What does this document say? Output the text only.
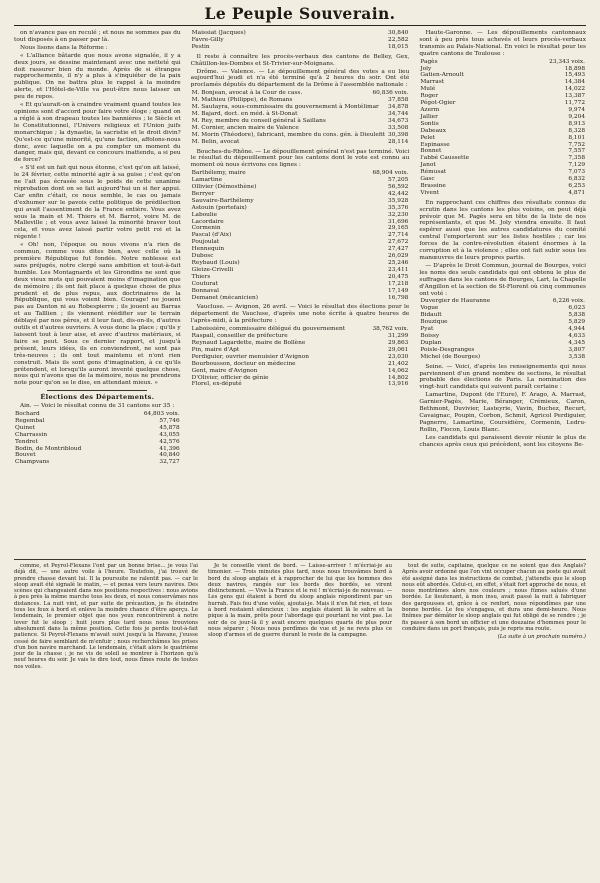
Le Peuple Souverain.

on n'avance pas en reculé ; et nous ne sommes pas du tout disposés à en passer par là.

Nous lisons dans la Réforme :

« L'alliance bâtarde que nous avons signalée, il y a deux jours, se dessine maintenant avec une netteté qui doit rassurer bien du monde. Après de si étranges rapprochements, il n'y a plus à s'inquiéter de la paix publique. On ne battra plus le rappel à la moindre alerte, et l'Hôtel-de-Ville va peut-être nous laisser un peu de repos.

« Et qu'aurait-on à craindre vraiment quand toutes les opinions sont d'accord pour faire votre éloge ; quand on a réglé à son drapeau toutes les bannières ; le Siècle et le Constitutionnel, l'Univers religieux et l'Union juifs monarchique ; la dynastie, la sacristie et le droit divin? Qu'est-ce qu'une minorité, qu'une faction, affolons-nous donc, avec laquelle on a pu compter un moment du danger, mais qui, devant ce concours inattendu, a si peu de force?

« S'il est un fait qui nous étonne, c'est qu'on ait laissé, le 24 février, cette minorité agir à sa guise ; c'est qu'on ne l'ait pas écrasée sous le poids de cette unanime réprobation dont on se fait aujourd'hui un si fier appui. Car enfin c'était, ce nous semble, le cas ou jamais d'exhumer sur le pavois cette politique de prédilection qui avait l'assentiment de la France entière. Vous avez sous la main et M. Thiers et M. Barrot, voire M. de Malleville ; et vous avez laissé la minorité braver tout cela, et vous avez laissé partir votre petit roi et la régente !

« Oh! non, l'époque ou nous vivons n'a rien de commun, comme vous dites bien, avec celle où la première République fut fondée. Notre noblesse est sans préjugés, notre clergé sans ambition et tout-à-fait humble. Les Montagnards et les Girondins ne sont que deux vieux mots qui pouvaient moins d'imagination que de mémoire ; ils ont fait place à quelque chose de plus prudent et de plus repus, aux doctrinaires de la République, qui vous voient bien. Courage! ne jouent pas au Danton ni au Robespierre ; ils jouent au Barras et au Talllien ; ils viennent réédifier sur le terrain déblayé par nos pères, et il leur faut, dis-on-ils, d'autres outils et d'autres ouvriers. A vous donc la place ; qu'ils y laissent tout à leur aise, et avec d'autres matériaux, si faire se peut. Sous ce dernier rapport, et jusqu'à présent, leurs idées, ils en conviendront, ne sont pas très-neuves ; ils ont tout maintenu et n'ont rien construit. Mais ils sont gens d'imagination, à ce qu'ils prétendent, et lorsqu'ils auront inventé quelque chose, nous qui n'avons que de la mémoire, nous ne prendrons note pour qu'on se le dise, en attendant mieux. »

Élections des Départements.

Ain. — Voici le résultat connu de 31 cantons sur 35 :

Bochard	64,803 voix.
Regembal	57,746
Quinet	45,878
Charrassin	43,055
Tendret	42,576
Bodin, de Montribloud	41,396
Bouvet	40,840
Champvans	32,727
Maissiat (Jacques)	30,840
Favre-Gilly	22,582
Pestin	18,015

Il reste à connaître les procès-verbaux des cantons de Belley, Gex, Châtillon-les-Dombes et St-Trivier-sur-Moignans.

Drôme. — Valence. — Le dépouillement général des votes a eu lieu aujourd'hui jeudi et n'a été terminé qu'à 2 heures du soir. Ont été proclamés députés du département de la Drôme à l'assemblée nationale :

M. Bonjean, avocat à la Cour de cass.	60,836 voix.
M. Mathieu (Philippe), de Romans	37,858
M. Sautayra, sous-commissaire du gouvernement à Montélimar	34,878
M. Bajard, doct. en méd. à St-Donat	34,744
M. Rey, membre du conseil général à Saillans	34,673
M. Cornier, ancien maire de Valence	33,508
M. Morin (Théodore), fabricant, membre du cons. gén. à Dieulefit 30,398
M. Belin, avocat	28,114

Bouches-du-Rhône. — Le dépouillement général n'est pas terminé. Voici le résultat du dépouillement pour les cantons dont le vote est connu au moment où nous écrivons ces lignes :

Barthélemy, maire	68,904 voix.
Lamartine	57,205
Ollivier (Démosthène)	56,592
Berryer	42,442
Sauvaire-Barthélemy	35,928
Astouin (portefaix)	35,376
Laboulie	32,230
Lacordaire	31,696
Cormenin	29,165
Pascal (d'Aix)	27,714
Poujoulat	27,672
Hennequin	27,427
Dubosc	26,029
Reybaud (Louis)	25,246
Gleize-Crivelli	23,411
Thiers	20,475
Couturat	17,218
Bonnaval	17,149
Demanet (mécanicien)	16,798

Vaucluse. — Avignon, 26 avril. — Voici le résultat des élections pour le département de Vaucluse, d'après une note écrite à quatre heures de l'après-midi, à la préfecture :

Laboissière, commissaire délégué du gouvernement	38,762 voix.
Raspail, conseiller de préfecture	31,299
Reynaud Lagardette, maire de Bollène	29,863
Pin, maire d'Apt	29,061
Perdiguier, ouvrier menuisier d'Avignon	23,030
Bourbousson, docteur en médecine	21,402
Gent, maire d'Avignon	14,062
D'Olivier, officier de génie	14,802
Florel, ex-député	13,916

Haute-Garonne. — Les dépouillements cantonnaux sont à peu près tous achevés et leurs procès-verbaux transmis au Palais-National. En voici le résultat pour les quatre cantons de Toulouse :

Pagès	23,343 voix.
Joly	18,898
Gatien-Arnoult	15,493
Marrast	14,384
Mulé	14,022
Roger	13,387
Pégot-Ogier	11,772
Azerm	9,974
Jallier	9,204
Sontis	8,913
Dabeaux	8,328
Pelet	8,101
Espinasse	7,752
Bonnet	7,557
l'abbé Caussette	7,358
Janot	7,129
Rémusat	7,073
Gasc	6,832
Brassine	6,253
Vivent	4,871

En rapprochant ces chiffres des résultats connus du scrutin dans les cantons les plus voisins, on peut déjà prévoir que M. Pagès sera en tête de la liste de nos représentants, et que M. Joly viendra ensuite. Il faut espérer aussi que les autres candidatures du comité central l'emporteront sur les listes hostiles ; car les forces de la contre-révolution étaient énormes à la corruption et à la violence ; elles ont fait subir sous les manœuvres de leurs propres partis.

— D'après le Droit Commun, journal de Bourges, voici les noms des seuls candidats qui ont obtenu le plus de suffrages dans les cantons de Bourges, Lart, la Chapelle d'Angillon et la section de St-Florent où cinq communes ont voté :

Duvergier de Hauranne	6,226 voix.
Vogue	6,023
Bidault	5,838
Bouzique	5,829
Pyat	4,944
Boissy	4,633
Duplan	4,345
Poisle-Desgranges	3,807
Michel (de Bourges)	3,538

Seine. — Voici, d'après les renseignements qui nous parviennent d'un grand nombre de sections, le résultat probable des élections de Paris. La nomination des vingt-huit candidats qui suivent paraît certaine :

Lamartine, Dupont (de l'Eure), F. Arago, A. Marrast, Garnier-Pagès, Marie, Béranger, Crémieux, Caron, Bethmont, Duvivier, Lasteyrie, Vavin, Buchez, Recurt, Cavaignac, Poupin, Corbon, Schmit, Agricol Perdiguier, Pagnerre, Lamartine, Coursidière, Cormenin, Ledru-Rollin, Flocon, Louis Blanc.

Les candidats qui paraissent devoir réunir le plus de chances après ceux qui précèdent, sont les citoyens Be-

comme, et Peyrol-Flexans l'ont par un bonne brise... je vous l'ai déjà dit, — une autre voile à l'heure. Toutefois, j'ai trouvé de prendre chasse devant lui. Il la poursuite ne ralentit pas. — car le sloop avait été signalé le matin, — et pensa vers leurs navires. Des scènes qui changeaient dans nos positions respectives : nous avions à peu près la même marche tous les deux, et nous conservâmes nos distances. La nuit vint, et par suite de précaution, je fis éteindre tous les feux à bord et enlève la moindre chance d'être aperçu. Le lendemain, le premier objet que nos yeux rencontrèrent à notre lever fut le sloop ; huit jours plus tard nous nous trouvions absolument dans la même position. Cette fois je perdis tout-à-fait patience. Si Peyrol-Flexans m'avait suivi jusqu'à la Havane, j'eusse cessé de faire semblant de m'enfuir ; nous recherchâmes les prises d'un bon navire marchand. Le lendemain, c'était alors le quatrième jour de la chasse ; je ne vis de soleil se montrer à l'horizon qu'à neuf heures du soir. Je vais te dire tout, nous fîmes route de toutes nos voiles.

Je te conseille vient de bord. — Laisse-arriver ! m'écriai-je au timonier. — Trois minutes plus tard, nous nous trouvâmes bord à bord du sloop anglais et à rapprocher de lui que les hommes des deux navires, rangés sur les bords des bordés, se virent distinctement. — Vive la France et le roi ! m'écriai-je de nouveau. — Les gens qui étaient à bord du sloop anglais répondirent par un hurrah. Fais feu d'une volée, ajoutai-je. Mais il n'en fut rien, et tous à bord restaient silencieux : les anglais étaient là le sabre et la pique à la main, prêts pour l'abordage qui pourtant ne vint pas. Le soir de ce jour-là il y avait encore quelques quarts de plus pour nous séparer ; Nous nous perdîmes de vue et je ne revis plus ce sloop d'armes et de guerre durant le reste de la campagne.

tout de suite, capitaine, quelque ce ne soient que des Anglais? Après avoir ordonné que l'on vint occuper chacun au poste qui avait été assigné dans les instructions de combat, j'attendis que le sloop nous eût abordés. Celui-ci, en effet, s'était fort approché de nous, et nous montrâmes alors nos couleurs ; nous fûmes salués d'une bordée. Le lieutenant, à mon insu, avait passé la nuit à fabriquer des gargousses et, grâce à ce renfort, nous répondîmes par une bonne bordée. Le feu s'engagea, et dura une demi-heure. Nous finîmes par démâter le sloop anglais qui fut obligé de se rendre ; je fis passer à son bord un officier et une douzaine d'hommes pour le conduire dans un port français, puis je repris ma route.

(La suite à un prochain numéro.)
